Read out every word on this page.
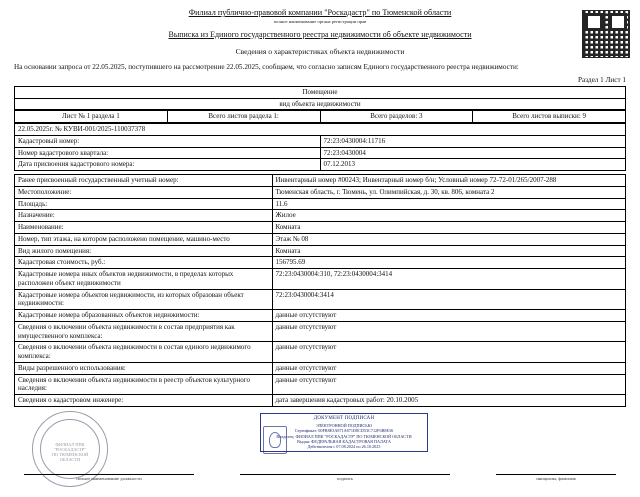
Филиал публично-правовой компании "Роскадастр" по Тюменской области
полное наименование органа регистрации прав
Выписка из Единого государственного реестра недвижимости об объекте недвижимости
Сведения о характеристиках объекта недвижимости
На основании запроса от 22.05.2025, поступившего на рассмотрение 22.05.2025, сообщаем, что согласно записям Единого государственного реестра недвижимости:
Раздел 1 Лист 1
Помещение
вид объекта недвижимости
Лист № 1 раздела 1	Всего листов раздела 1:	Всего разделов: 3	Всего листов выписки: 9
22.05.2025г. № КУВИ-001/2025-110037378	
Кадастровый номер:	72:23:0430004:11716
Номер кадастрового квартала:	72:23:0430004
Дата присвоения кадастрового номера:	07.12.2013
Ранее присвоенный государственный учетный номер:	Инвентарный номер #00243; Инвентарный номер б/н; Условный номер 72-72-01/265/2007-288
Местоположение:	Тюменская область, г. Тюмень, ул. Олимпийская, д. 30, кв. 806, комната 2
Площадь:	11.6
Назначение:	Жилое
Наименование:	Комната
Номер, тип этажа, на котором расположено помещение, машино-место	Этаж № 08
Вид жилого помещения:	Комната
Кадастровая стоимость, руб.:	156795.69
Кадастровые номера иных объектов недвижимости, в пределах которых расположен объект недвижимости	72:23:0430004:310, 72:23:0430004:3414
Кадастровые номера объектов недвижимости, из которых образован объект недвижимости:	72:23:0430004:3414
Кадастровые номера образованных объектов недвижимости:	данные отсутствуют
Сведения о включении объекта недвижимости в состав предприятия как имущественного комплекса:	данные отсутствуют
Сведения о включении объекта недвижимости в состав единого недвижимого комплекса:	данные отсутствуют
Виды разрешенного использования:	данные отсутствуют
Сведения о включении объекта недвижимости в реестр объектов культурного наследия:	данные отсутствуют
Сведения о кадастровом инженере:	дата завершения кадастровых работ: 20.10.2005
ФИЛИАЛ ППК
"РОСКАДАСТР"
ПО ТЮМЕНСКОЙ
ОБЛАСТИ
ДОКУМЕНТ ПОДПИСАН
ЭЛЕКТРОННОЙ ПОДПИСЬЮ
Сертификат: 00FB8E3A871A871D8CD53C712F6B8E36
Владелец: ФИЛИАЛ ППК "РОСКАДАСТР" ПО ТЮМЕНСКОЙ ОБЛАСТИ
Выдан: ФЕДЕРАЛЬНАЯ КАДАСТРОВАЯ ПАЛАТА
Действителен с 07.08.2024 по 26.10.2025
полное наименование должности	подпись	инициалы, фамилия
